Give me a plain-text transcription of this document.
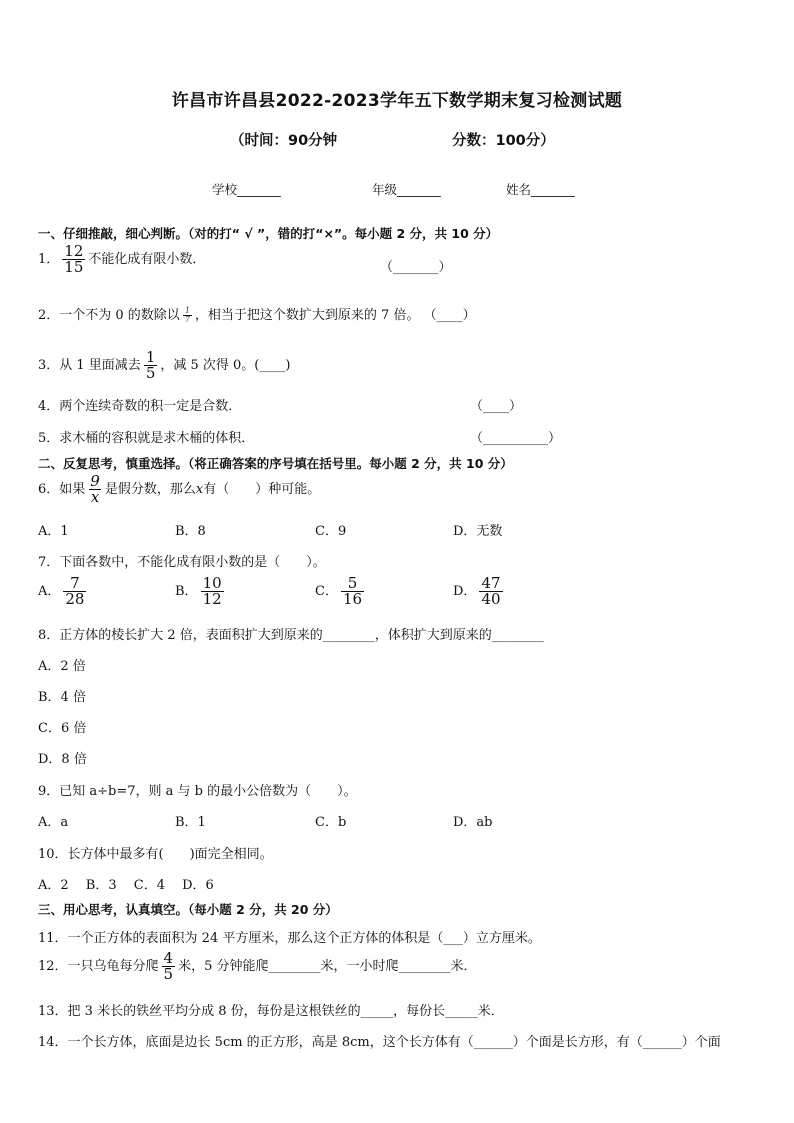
许昌市许昌县2022-2023学年五下数学期末复习检测试题
（时间：90分钟	分数：100分）
学校_______	年级_______	姓名_______
一、仔细推敲，细心判断。（对的打“ √ ”，错的打“×”。每小题 2 分，共 10 分）
1． $\frac{12}{15}$ 不能化成有限小数．
（_______）
2．一个不为 0 的数除以 $\frac{1}{7}$ ，相当于把这个数扩大到原来的 7 倍。 （____）
3．从 1 里面减去 $\frac{1}{5}$ ，减 5 次得 0。(____)
4．两个连续奇数的积一定是合数．	（____）
5．求木桶的容积就是求木桶的体积．	（__________）
二、反复思考，慎重选择。（将正确答案的序号填在括号里。每小题 2 分，共 10 分）
6．如果 $\frac{9}{x}$ 是假分数，那么x有（　　）种可能。
A．1	B．8	C．9	D．无数
7．下面各数中，不能化成有限小数的是（　　）。
A． $\frac{7}{28}$	B． $\frac{10}{12}$	C． $\frac{5}{16}$	D． $\frac{47}{40}$
8．正方体的棱长扩大 2 倍，表面积扩大到原来的________，体积扩大到原来的________
A．2 倍
B．4 倍
C．6 倍
D．8 倍
9．已知 a÷b=7，则 a 与 b 的最小公倍数为（　　）。
A．a	B．1	C．b	D．ab
10．长方体中最多有(　　)面完全相同。
A．2　 B．3　 C．4　 D．6
三、用心思考，认真填空。（每小题 2 分，共 20 分）
11．一个正方体的表面积为 24 平方厘米，那么这个正方体的体积是（___）立方厘米。
12．一只乌龟每分爬 $\frac{4}{5}$ 米，5 分钟能爬________米，一小时爬________米．
13．把 3 米长的铁丝平均分成 8 份，每份是这根铁丝的_____，每份长_____米．
14．一个长方体，底面是边长 5cm 的正方形，高是 8cm，这个长方体有（______）个面是长方形，有（______）个面
